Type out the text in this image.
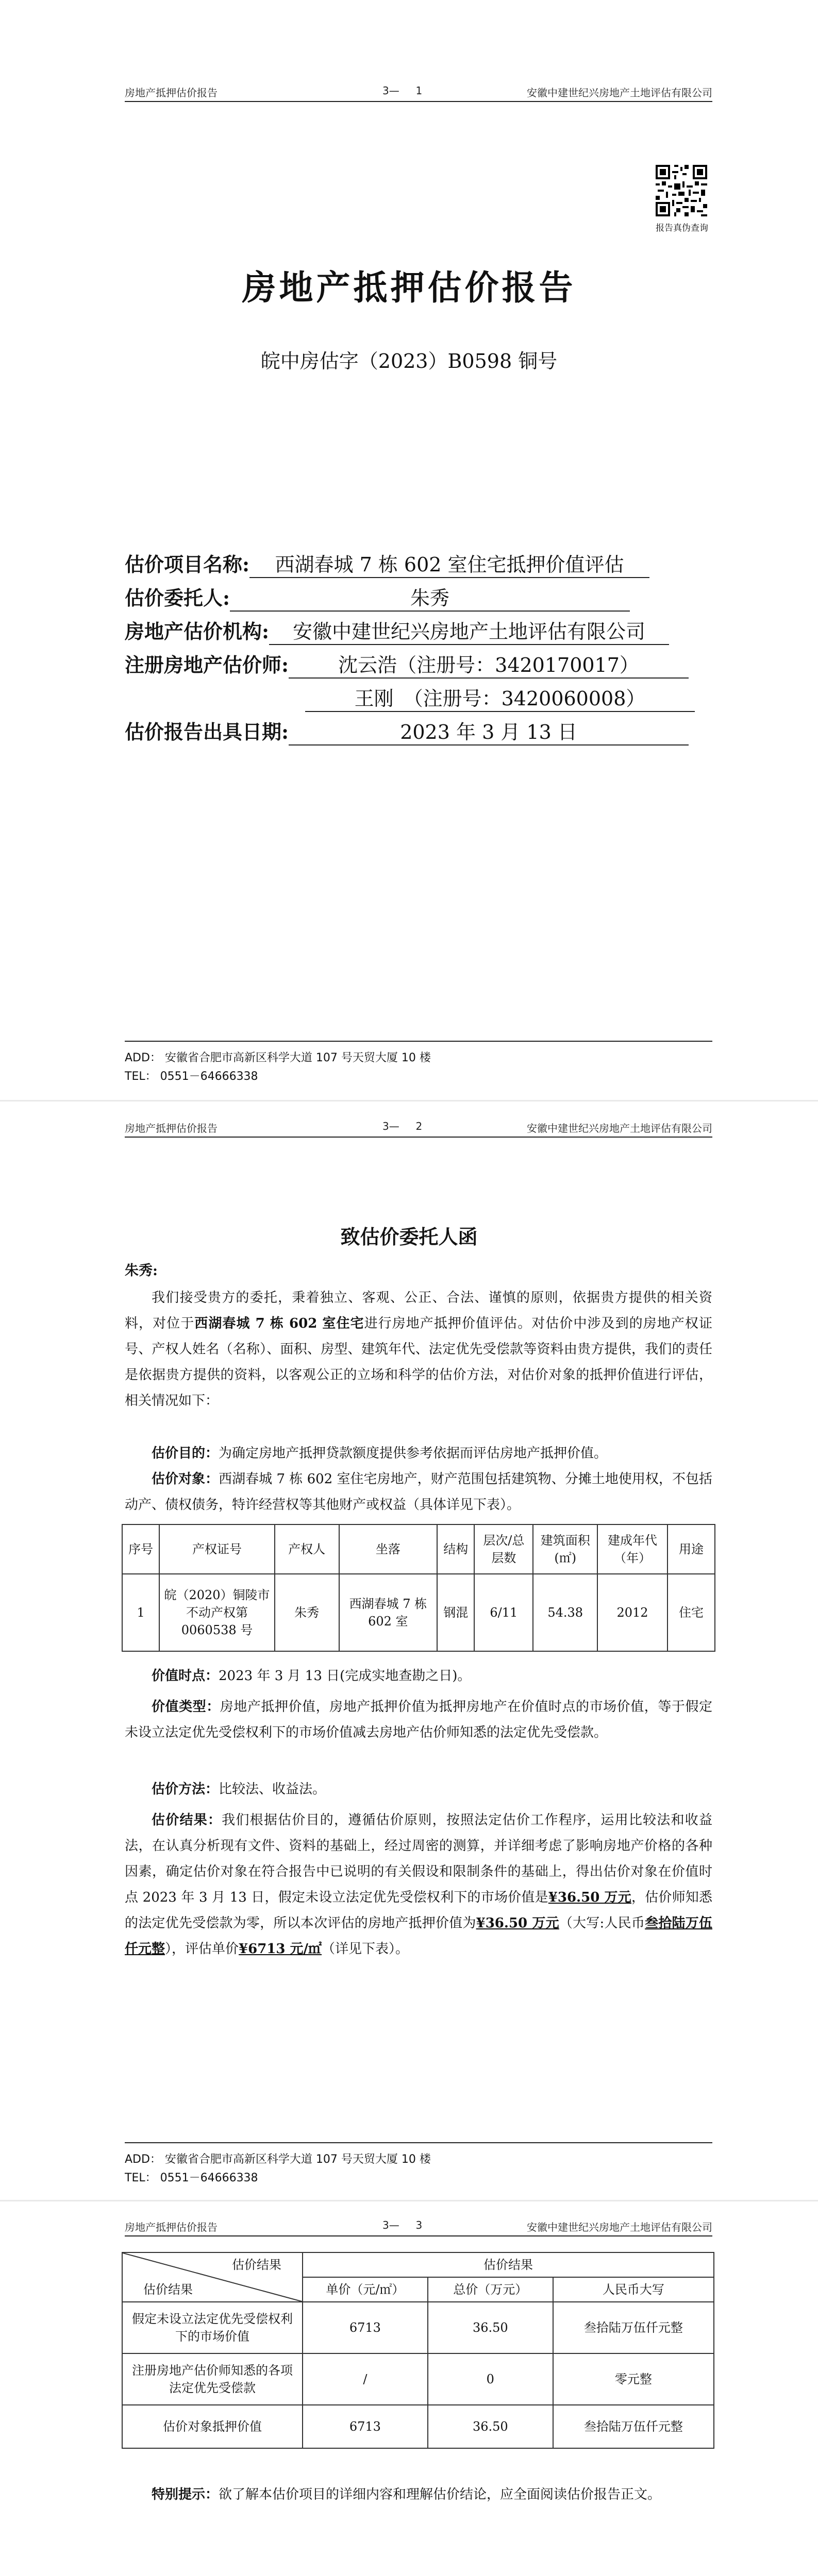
房地产抵押估价报告	3— 1	安徽中建世纪兴房地产土地评估有限公司
报告真伪查询
房地产抵押估价报告
皖中房估字（2023）B0598 铜号
估价项目名称: 西湖春城 7 栋 602 室住宅抵押价值评估
估价委托人:	朱秀
房地产估价机构: 安徽中建世纪兴房地产土地评估有限公司
注册房地产估价师:	沈云浩（注册号：3420170017）
王刚　（注册号：3420060008）
估价报告出具日期:	2023 年 3 月 13 日
ADD： 安徽省合肥市高新区科学大道 107 号天贸大厦 10 楼
TEL： 0551－64666338
房地产抵押估价报告	3— 2	安徽中建世纪兴房地产土地评估有限公司
致估价委托人函
朱秀:
我们接受贵方的委托，秉着独立、客观、公正、合法、谨慎的原则，依据贵方提供的相关资料，对位于西湖春城 7 栋 602 室住宅进行房地产抵押价值评估。对估价中涉及到的房地产权证号、产权人姓名（名称）、面积、房型、建筑年代、法定优先受偿款等资料由贵方提供，我们的责任是依据贵方提供的资料，以客观公正的立场和科学的估价方法，对估价对象的抵押价值进行评估，相关情况如下：
估价目的：为确定房地产抵押贷款额度提供参考依据而评估房地产抵押价值。
估价对象：西湖春城 7 栋 602 室住宅房地产，财产范围包括建筑物、分摊土地使用权，不包括动产、债权债务，特许经营权等其他财产或权益（具体详见下表）。
序号	产权证号	产权人	坐落	结构	层次/总层数	建筑面积(㎡)	建成年代（年）	用途
1	皖（2020）铜陵市不动产权第 0060538 号	朱秀	西湖春城 7 栋 602 室	钢混	6/11	54.38	2012	住宅
价值时点：2023 年 3 月 13 日(完成实地查勘之日)。
价值类型：房地产抵押价值，房地产抵押价值为抵押房地产在价值时点的市场价值，等于假定未设立法定优先受偿权利下的市场价值减去房地产估价师知悉的法定优先受偿款。
估价方法：比较法、收益法。
估价结果：我们根据估价目的，遵循估价原则，按照法定估价工作程序，运用比较法和收益法，在认真分析现有文件、资料的基础上，经过周密的测算，并详细考虑了影响房地产价格的各种因素，确定估价对象在符合报告中已说明的有关假设和限制条件的基础上，得出估价对象在价值时点 2023 年 3 月 13 日，假定未设立法定优先受偿权利下的市场价值是¥36.50 万元，估价师知悉的法定优先受偿款为零，所以本次评估的房地产抵押价值为¥36.50 万元（大写:人民币叁拾陆万伍仟元整），评估单价¥6713 元/㎡（详见下表）。
ADD： 安徽省合肥市高新区科学大道 107 号天贸大厦 10 楼
TEL： 0551－64666338
房地产抵押估价报告	3— 3	安徽中建世纪兴房地产土地评估有限公司
估价结果
估价结果	估价结果		
	单价（元/㎡）	总价（万元）	人民币大写
假定未设立法定优先受偿权利下的市场价值	6713	36.50	叁拾陆万伍仟元整
注册房地产估价师知悉的各项法定优先受偿款	/	0	零元整
估价对象抵押价值	6713	36.50	叁拾陆万伍仟元整
特别提示：欲了解本估价项目的详细内容和理解估价结论，应全面阅读估价报告正文。
